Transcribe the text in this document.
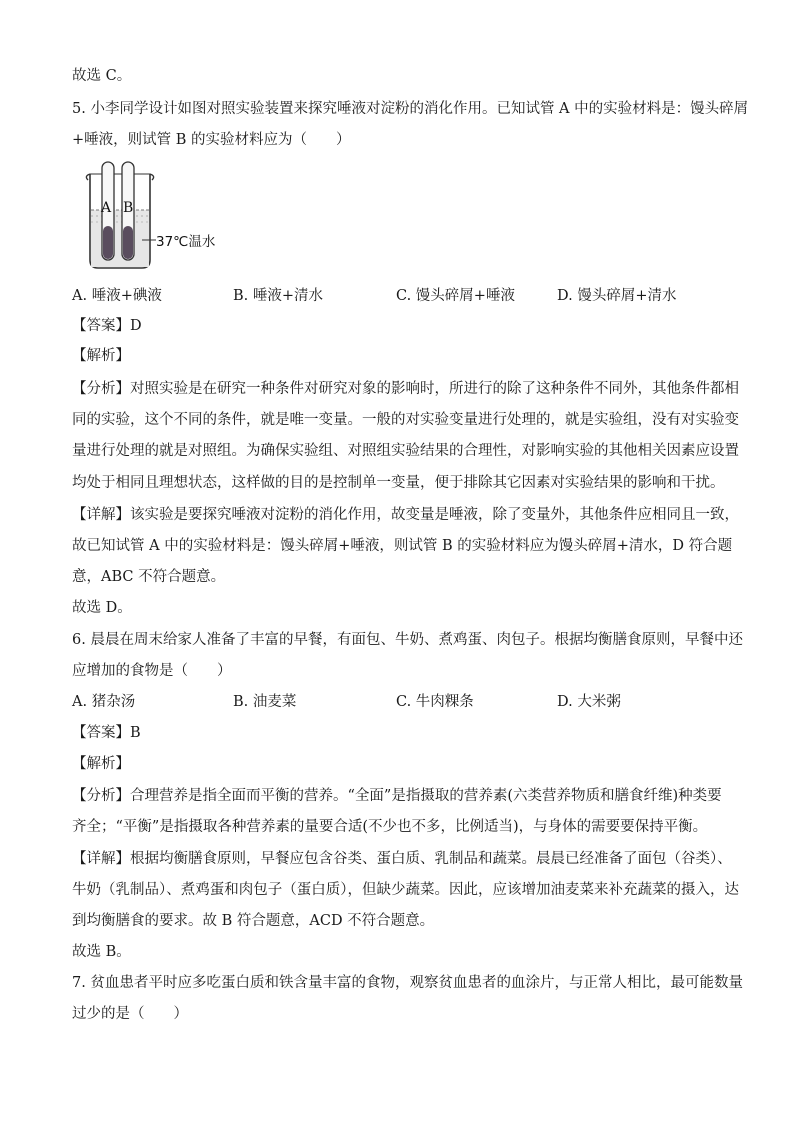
故选 C。
5. 小李同学设计如图对照实验装置来探究唾液对淀粉的消化作用。已知试管 A 中的实验材料是：馒头碎屑
+唾液，则试管 B 的实验材料应为（　　）
A B
37℃温水
A. 唾液+碘液	B. 唾液+清水	C. 馒头碎屑+唾液	D. 馒头碎屑+清水
【答案】D
【解析】
【分析】对照实验是在研究一种条件对研究对象的影响时，所进行的除了这种条件不同外，其他条件都相
同的实验，这个不同的条件，就是唯一变量。一般的对实验变量进行处理的，就是实验组，没有对实验变
量进行处理的就是对照组。为确保实验组、对照组实验结果的合理性，对影响实验的其他相关因素应设置
均处于相同且理想状态，这样做的目的是控制单一变量，便于排除其它因素对实验结果的影响和干扰。
【详解】该实验是要探究唾液对淀粉的消化作用，故变量是唾液，除了变量外，其他条件应相同且一致，
故已知试管 A 中的实验材料是：馒头碎屑+唾液，则试管 B 的实验材料应为馒头碎屑+清水，D 符合题
意，ABC 不符合题意。
故选 D。
6. 晨晨在周末给家人准备了丰富的早餐，有面包、牛奶、煮鸡蛋、肉包子。根据均衡膳食原则，早餐中还
应增加的食物是（　　）
A. 猪杂汤	B. 油麦菜	C. 牛肉粿条	D. 大米粥
【答案】B
【解析】
【分析】合理营养是指全面而平衡的营养。“全面”是指摄取的营养素(六类营养物质和膳食纤维)种类要
齐全；“平衡”是指摄取各种营养素的量要合适(不少也不多，比例适当)，与身体的需要要保持平衡。
【详解】根据均衡膳食原则，早餐应包含谷类、蛋白质、乳制品和蔬菜。晨晨已经准备了面包（谷类）、
牛奶（乳制品）、煮鸡蛋和肉包子（蛋白质），但缺少蔬菜。因此，应该增加油麦菜来补充蔬菜的摄入，达
到均衡膳食的要求。故 B 符合题意，ACD 不符合题意。
故选 B。
7. 贫血患者平时应多吃蛋白质和铁含量丰富的食物，观察贫血患者的血涂片，与正常人相比，最可能数量
过少的是（　　）
